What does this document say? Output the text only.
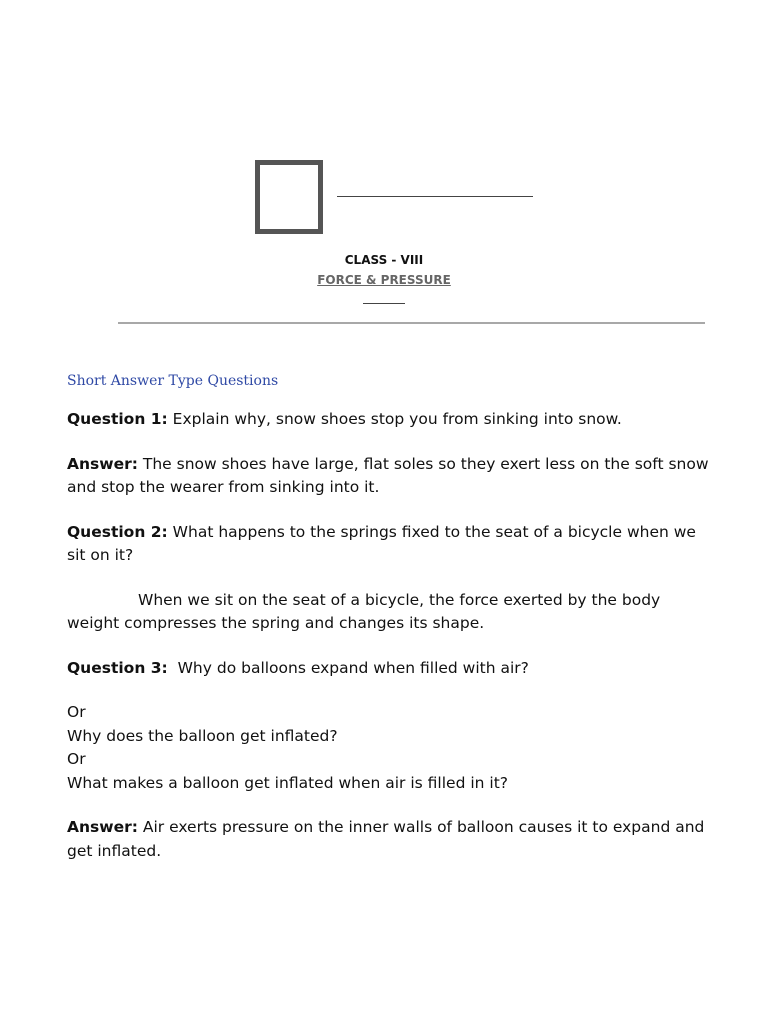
CLASS - VIII
FORCE & PRESSURE
Short Answer Type Questions

Question 1: Explain why, snow shoes stop you from sinking into snow.

Answer: The snow shoes have large, flat soles so they exert less on the soft snow and stop the wearer from sinking into it.

Question 2: What happens to the springs fixed to the seat of a bicycle when we sit on it?

When we sit on the seat of a bicycle, the force exerted by the body weight compresses the spring and changes its shape.

Question 3:  Why do balloons expand when filled with air?

Or
Why does the balloon get inflated?
Or
What makes a balloon get inflated when air is filled in it?

Answer: Air exerts pressure on the inner walls of balloon causes it to expand and get inflated.
